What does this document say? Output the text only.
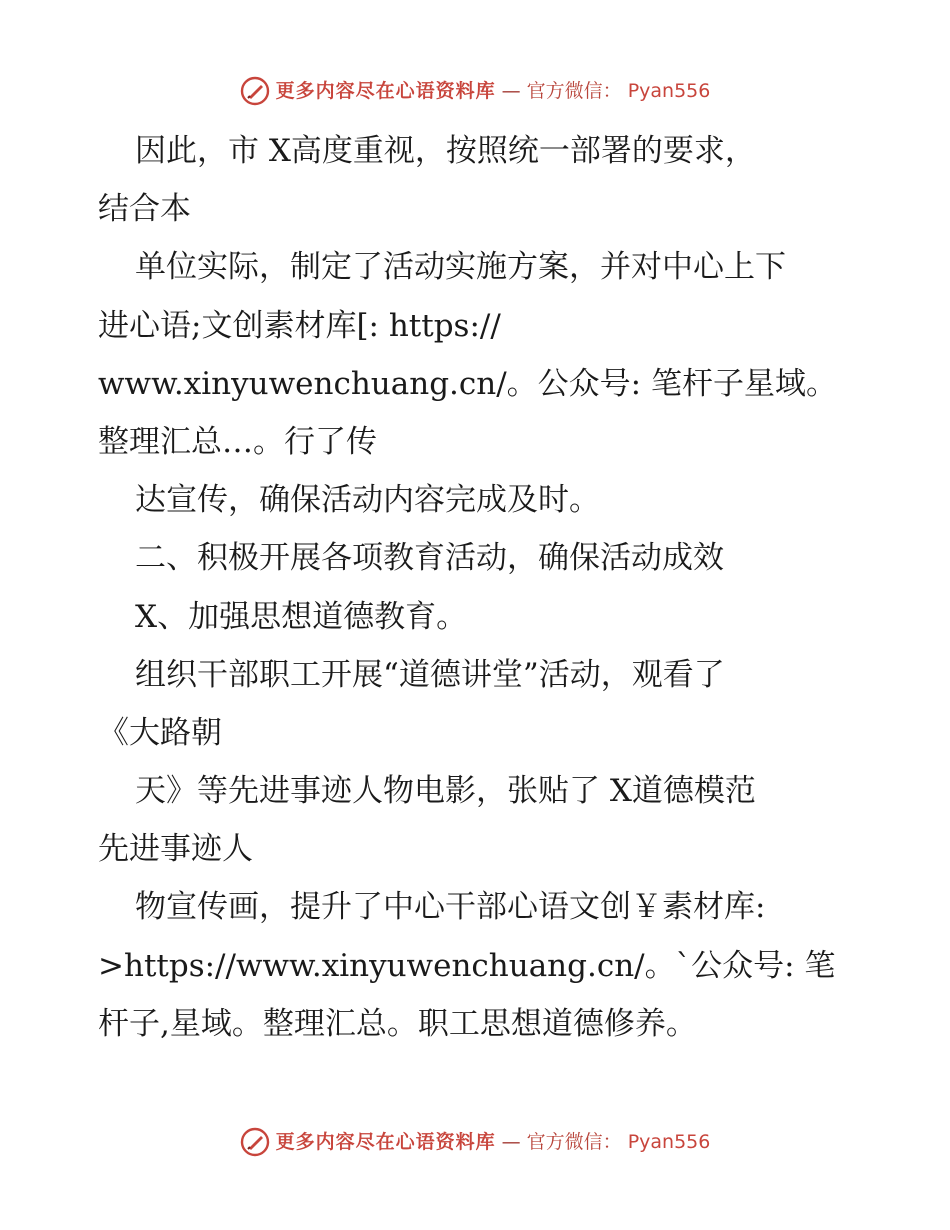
更多内容尽在心语资料库 — 官方微信： Pyan556
因此，市 X高度重视，按照统一部署的要求，
结合本
单位实际，制定了活动实施方案，并对中心上下
进心语;文创素材库[: https://
www.xinyuwenchuang.cn/。公众号: 笔杆子星域。
整理汇总…。行了传
达宣传，确保活动内容完成及时。
二、积极开展各项教育活动，确保活动成效
X、加强思想道德教育。
组织干部职工开展“道德讲堂”活动，观看了
《大路朝
天》等先进事迹人物电影，张贴了 X道德模范
先进事迹人
物宣传画，提升了中心干部心语文创￥素材库:
>https://www.xinyuwenchuang.cn/。`公众号: 笔
杆子,星域。整理汇总。职工思想道德修养。
更多内容尽在心语资料库 — 官方微信： Pyan556
